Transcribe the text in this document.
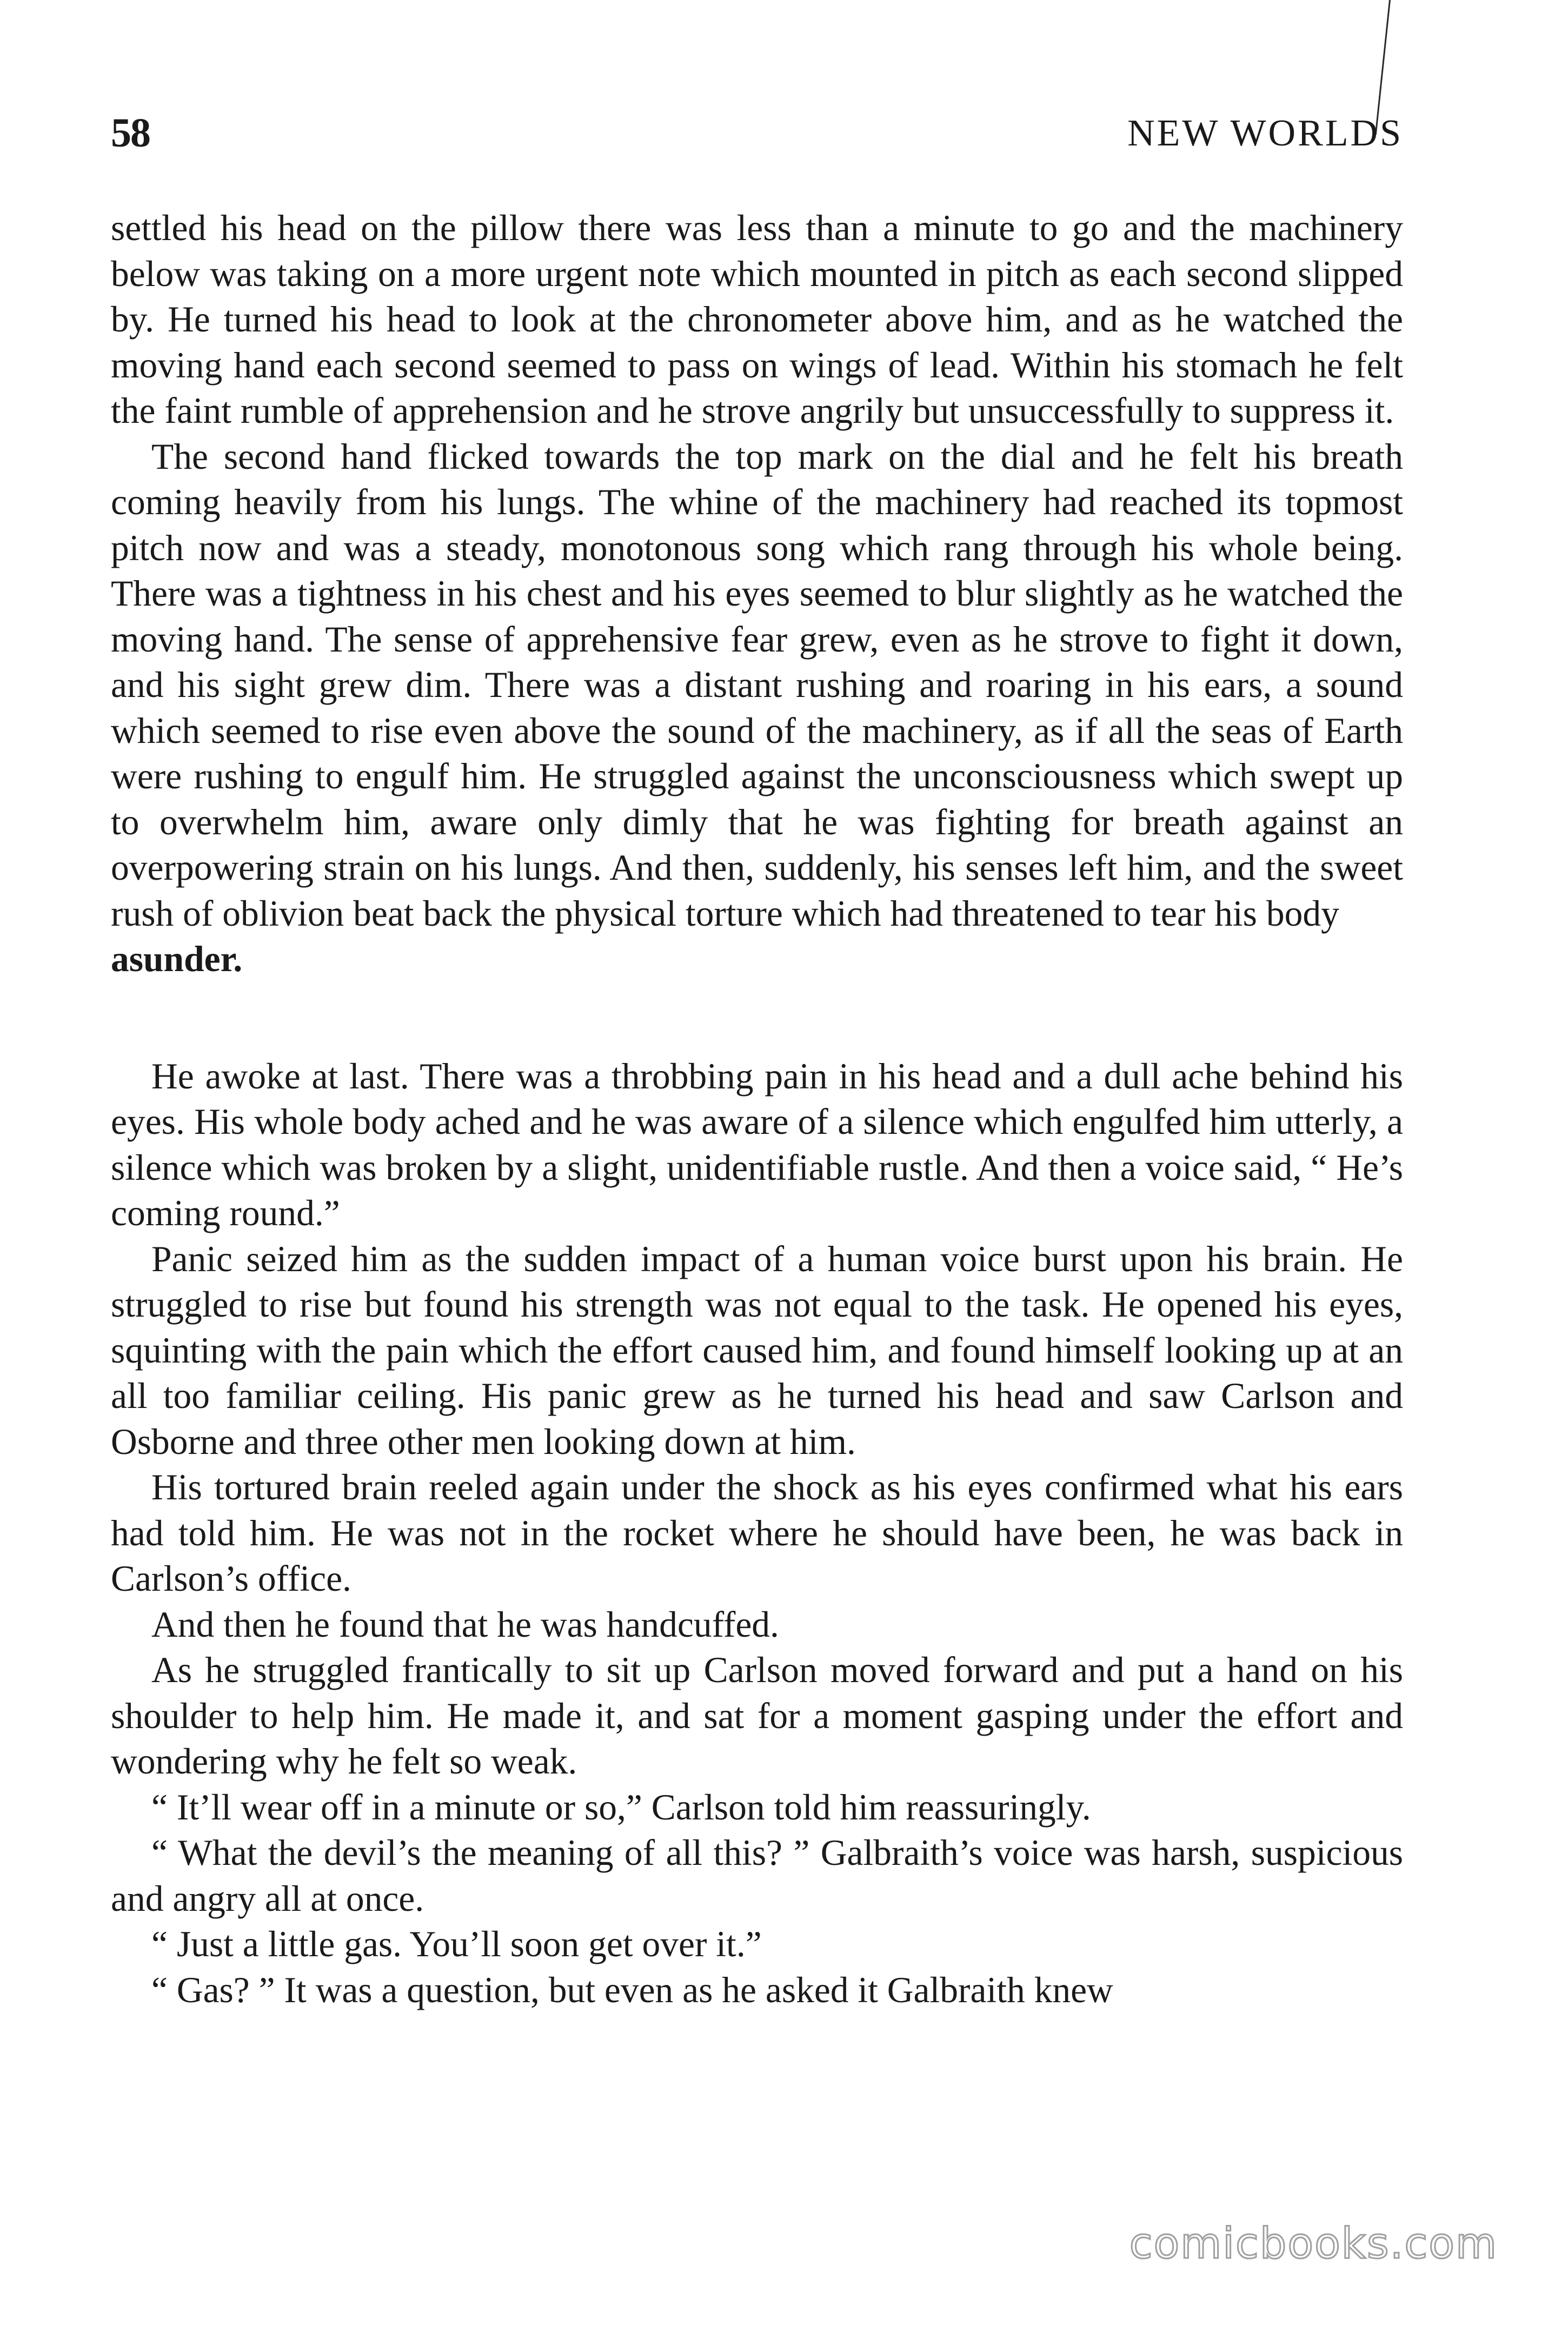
58	NEW WORLDS

settled his head on the pillow there was less than a minute to go and the machinery below was taking on a more urgent note which mounted in pitch as each second slipped by. He turned his head to look at the chronometer above him, and as he watched the moving hand each second seemed to pass on wings of lead. Within his stomach he felt the faint rumble of apprehension and he strove angrily but unsuccessfully to suppress it.

The second hand flicked towards the top mark on the dial and he felt his breath coming heavily from his lungs. The whine of the machinery had reached its topmost pitch now and was a steady, monotonous song which rang through his whole being. There was a tightness in his chest and his eyes seemed to blur slightly as he watched the moving hand. The sense of apprehensive fear grew, even as he strove to fight it down, and his sight grew dim. There was a distant rushing and roaring in his ears, a sound which seemed to rise even above the sound of the machinery, as if all the seas of Earth were rushing to engulf him. He struggled against the unconsciousness which swept up to overwhelm him, aware only dimly that he was fighting for breath against an overpowering strain on his lungs. And then, suddenly, his senses left him, and the sweet rush of oblivion beat back the physical torture which had threatened to tear his body
asunder.

He awoke at last. There was a throbbing pain in his head and a dull ache behind his eyes. His whole body ached and he was aware of a silence which engulfed him utterly, a silence which was broken by a slight, unidentifiable rustle. And then a voice said, “ He’s coming round.”

Panic seized him as the sudden impact of a human voice burst upon his brain. He struggled to rise but found his strength was not equal to the task. He opened his eyes, squinting with the pain which the effort caused him, and found himself looking up at an all too familiar ceiling. His panic grew as he turned his head and saw Carlson and Osborne and three other men looking down at him.

His tortured brain reeled again under the shock as his eyes confirmed what his ears had told him. He was not in the rocket where he should have been, he was back in Carlson’s office.

And then he found that he was handcuffed.

As he struggled frantically to sit up Carlson moved forward and put a hand on his shoulder to help him. He made it, and sat for a moment gasping under the effort and wondering why he felt so weak.

“ It’ll wear off in a minute or so,” Carlson told him reassuringly.

“ What the devil’s the meaning of all this? ” Galbraith’s voice was harsh, suspicious and angry all at once.

“ Just a little gas. You’ll soon get over it.”

“ Gas? ” It was a question, but even as he asked it Galbraith knew

comicbooks.com
